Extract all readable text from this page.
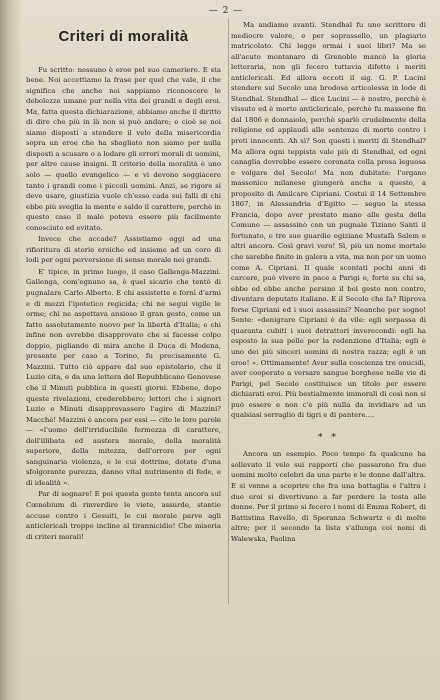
— 2 —
Criteri di moralità

Fu scritto: nessuno è eroe pel suo cameriere. E sta bene. Noi accettiamo la frase per quel che vale, il che significa che anche noi sappiamo riconoscere le debolezze umane pur nella vita dei grandi e degli eroi. Ma, fatta questa dichiarazione, abbiamo anche il diritto di dire che più in là non si può andare; e cioè se noi siamo disposti a stendere il velo della misericordia sopra un eroe che ha sbagliato non siamo per nulla disposti a scusare o a lodare gli errori morali di uomini, per altre cause insigni. Il criterio della moralità è uno solo — quello evangelico — e vi devono soggiacere tanto i grandi come i piccoli uomini. Anzi, se rigore si deve usare, giustizia vuole ch'esso cada sui falli di chi ebbe più sveglia la mente e saldo il carattere, perchè in questo caso il male poteva essere più facilmente conosciuto ed evitato.

Invece che accade? Assistiamo oggi ad una rifioritura di storie eroiche ed insieme ad un coro di lodi per ogni perversione di senso morale nei grandi.

E' tipico, in primo luogo, il caso Gallenga-Mazzini. Gallenga, com'egnuno sa, è quel sicario che tentò di pugnalare Carlo Alberto. E chi assistette e fornì d'armi e di mezzi l'ipotetico regicida; chi ne seguì vigile le orme; chi ne aspettava ansioso il gran gesto, come un fatto assolutamente nuovo per la libertà d'Italia; e chi infine non avrebbe disapprovato che si facesse colpo doppio, pigliando di mira anche il Duca di Modena, presente per caso a Torino, fu precisamente G. Mazzini. Tutto ciò appare dal suo epistolario, che il Luzio cita, e da una lettera del Repubblicano Genovese che il Minuti pubblica in questi giorni. Ebbene, dopo queste rivelazioni, crederebbero; lettori che i signori Luzio e Minuti disapprovassero l'agire di Mazzini? Macchè! Mazzini è ancora per essi — cito le loro parole — «l'uomo dell'irriducibile fermezza di carattere, dell'illibata ed austera morale, della moralità superiore, della mitezza, dell'orrore per ogni sanguinaria violenza, e le cui dottrine, dotate d'una sfolgorante purezza, danno vital nutrimento di fede, e di idealità ».

Par di sognare! E poi questa gente tenta ancora sul Cœnobium di rinverdire le viete, assurde, stantie accuse contro i Gesuiti, le cui morale parve agli anticlericali troppo incline al tirannicidio! Che miseria di criteri morali!

Ma andiamo avanti. Stendhal fu uno scrittore di mediocre valore, e per soprassello, un plagiario matricolato. Chi legge ormai i suoi libri? Ma se all'acuto montanaro di Grenoble mancò la gloria letteraria, non gli fecero tuttavia difetto i meriti anticlericali. Ed allora eccoti il sig. G. P. Lucini stendere sul Secolo una brodosa articolessa in lode di Stendhal. Stendhal — dice Lucini — è nostro, perchè è vissuto ed è morto anticlericale, perchè fu massone fin dal 1806 e donnaiolo, perchè sparlò crudelmente della religione ed applaudì alle sentenze di morte contro i preti innocenti. Ah sì? Son questi i meriti di Stendhal? Ma allora ogni teppista vale più di Stendhal, ed ogni canaglia dovrebbe essere coronata colla prosa leguosa e volgare del Secolo! Ma non dubitate: l'organo massonico milanese giungerà anche a questo, a proposito di Amilcare Cipriani. Costui il 14 Settembre 1867, in Alessandria d'Egitto — seguo la stessa Francia, dopo aver prestato mano alle gesta della Comune — assassinò con un pugnale Tiziano Santi il fortunato, e tre sue guardie egiziane Mustafà Salem e altri ancora. Così gravi vero! Sì, più un nome mortale che sarebbe finito in galera a vita, ma non per un uomo come A. Cipriani. Il quale scontati pochi anni di carcere, può vivere in pace a Parigi e, forte su chi sa, ebbe ed ebbe anche persino il bel gesto non contro, diventare deputato italiano. E il Secolo che fa? Riprova forse Cipriani ed i suoi assassini? Neanche per sogno! Sente: «denigrare Cipriani è da vile: egli sorpassa di quaranta cubiti i suoi detrattori inverecondi: egli ha esposto la sua pelle per la redenzione d'Italia; egli è uno dei più sinceri uomini di nostra razza; egli è un eroe! ». Ottimamente! Aver sulla coscienza tre omicidi, aver cooperato a versare sangue borghese nelle vie di Parigi, pel Secolo costituisce un titolo per essere dichiarati eroi. Più bestialmente immorali di così non si può essere e non c'è più nulla da invidiare ad un qualsiasi serraglio di tigri e di pantere....

* *

Ancora un esempio. Poco tempo fa qualcuno ha sollevato il velo sui rapporti che passarono fra due uomini molto celebri da una parte e le donne dall'altra. E si venne a scoprire che fra una battaglia e l'altra i due eroi si divertivano a far perdere la testa alle donne. Per il primo si fecero i nomi di Emma Robert, di Battistina Ravello, di Speranza Schwartz e di molte altre; per il secondo la lista s'allunga coi nomi di Walewska, Paolina
